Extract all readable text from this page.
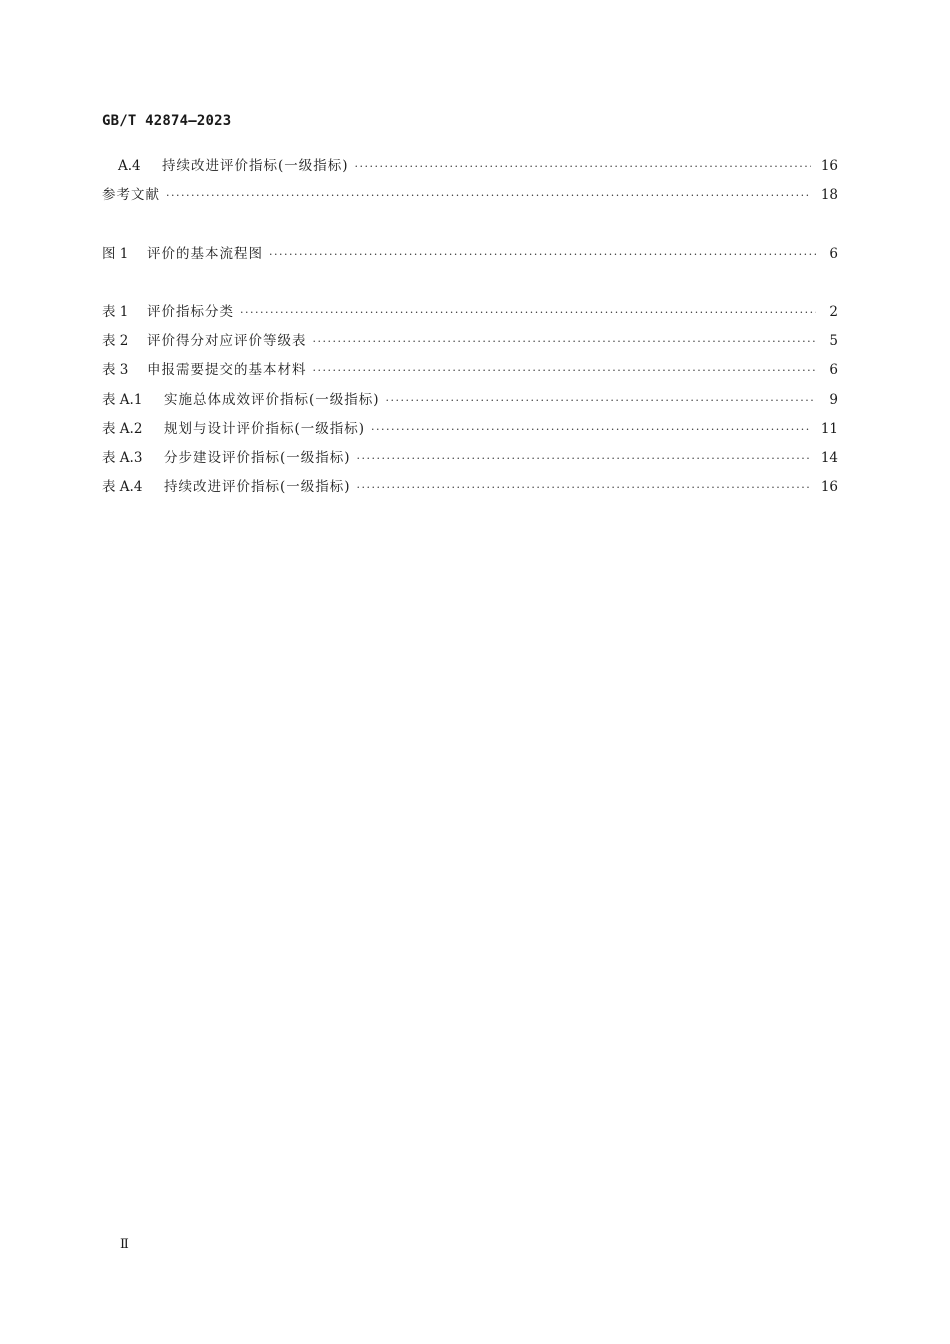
GB/T 42874—2023
A.4	持续改进评价指标(一级指标) ·····	16
参考文献 ·····	18
图 1	评价的基本流程图 ·····	6
表 1	评价指标分类 ·····	2
表 2	评价得分对应评价等级表 ·····	5
表 3	申报需要提交的基本材料 ·····	6
表 A.1	实施总体成效评价指标(一级指标) ·····	9
表 A.2	规划与设计评价指标(一级指标) ·····	11
表 A.3	分步建设评价指标(一级指标) ·····	14
表 A.4	持续改进评价指标(一级指标) ·····	16
Ⅱ
